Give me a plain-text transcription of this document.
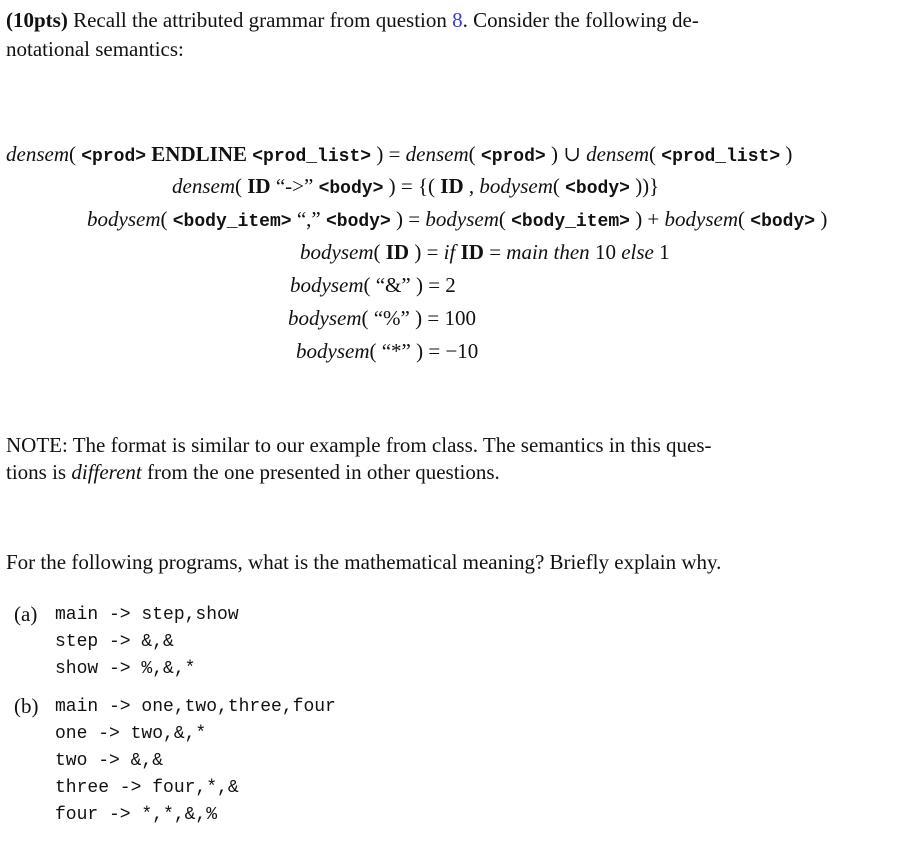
(10pts) Recall the attributed grammar from question 8. Consider the following de-
notational semantics:
densem( <prod> ENDLINE <prod_list> ) = densem( <prod> ) ∪ densem( <prod_list> )
densem( ID “->” <body> ) = {( ID , bodysem( <body> ))}
bodysem( <body_item> “,” <body> ) = bodysem( <body_item> ) + bodysem( <body> )
bodysem( ID ) = if ID = main then 10 else 1
bodysem( “&” ) = 2
bodysem( “%” ) = 100
bodysem( “*” ) = −10
NOTE: The format is similar to our example from class. The semantics in this ques-
tions is different from the one presented in other questions.
For the following programs, what is the mathematical meaning? Briefly explain why.
(a) main -> step,show
step -> &,&
show -> %,&,*
(b) main -> one,two,three,four
one -> two,&,*
two -> &,&
three -> four,*,&
four -> *,*,&,%
